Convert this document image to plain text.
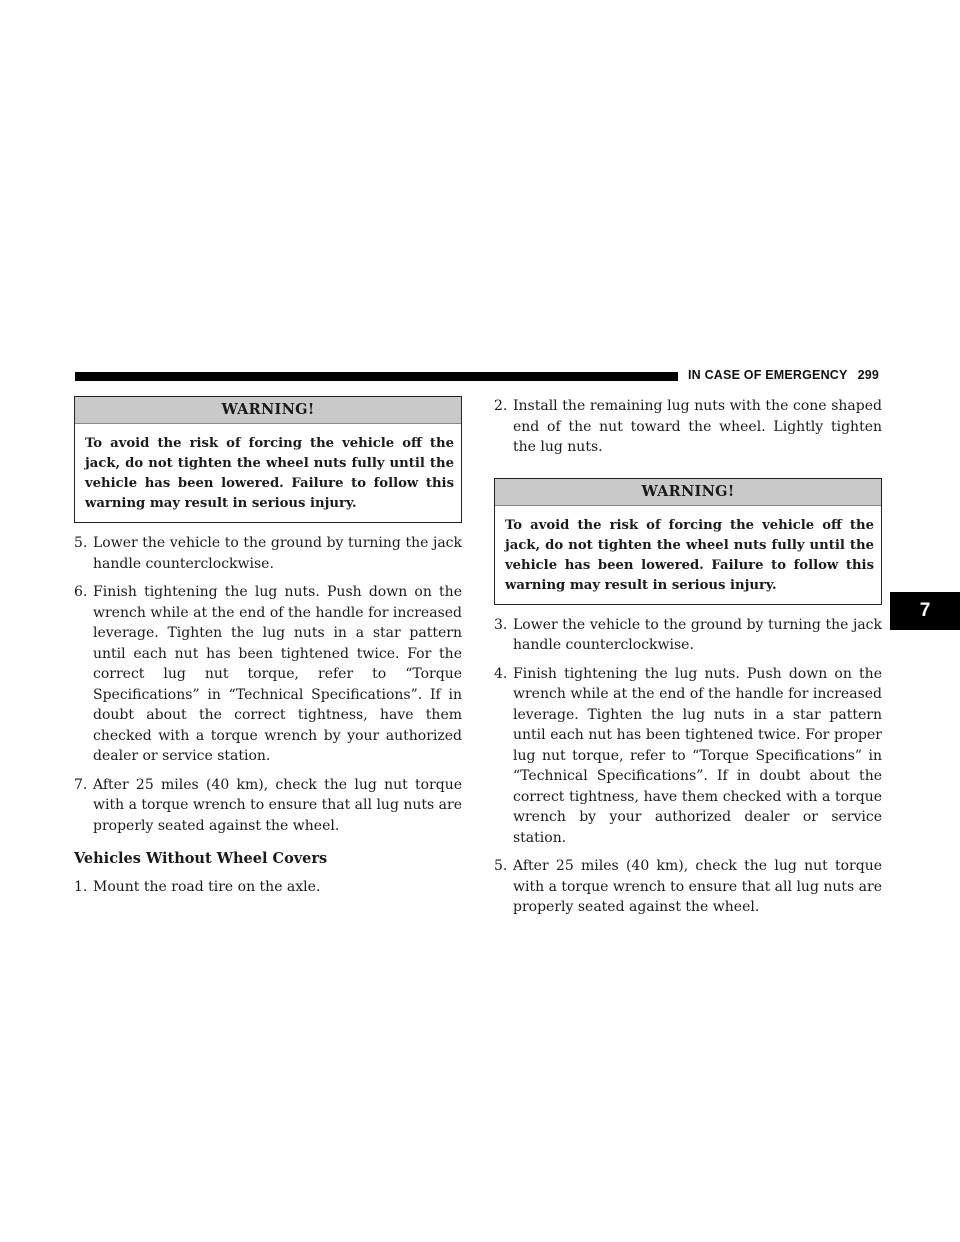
IN CASE OF EMERGENCY 299
7
WARNING!
To avoid the risk of forcing the vehicle off the jack, do not tighten the wheel nuts fully until the vehicle has been lowered. Failure to follow this warning may result in serious injury.

5. Lower the vehicle to the ground by turning the jack handle counterclockwise.

6. Finish tightening the lug nuts. Push down on the wrench while at the end of the handle for increased leverage. Tighten the lug nuts in a star pattern until each nut has been tightened twice. For the correct lug nut torque, refer to “Torque Specifications” in “Technical Specifications”. If in doubt about the correct tightness, have them checked with a torque wrench by your authorized dealer or service station.

7. After 25 miles (40 km), check the lug nut torque with a torque wrench to ensure that all lug nuts are properly seated against the wheel.

Vehicles Without Wheel Covers

1. Mount the road tire on the axle.

2. Install the remaining lug nuts with the cone shaped end of the nut toward the wheel. Lightly tighten the lug nuts.

WARNING!
To avoid the risk of forcing the vehicle off the jack, do not tighten the wheel nuts fully until the vehicle has been lowered. Failure to follow this warning may result in serious injury.

3. Lower the vehicle to the ground by turning the jack handle counterclockwise.

4. Finish tightening the lug nuts. Push down on the wrench while at the end of the handle for increased leverage. Tighten the lug nuts in a star pattern until each nut has been tightened twice. For proper lug nut torque, refer to “Torque Specifications” in “Technical Specifications”. If in doubt about the correct tightness, have them checked with a torque wrench by your authorized dealer or service station.

5. After 25 miles (40 km), check the lug nut torque with a torque wrench to ensure that all lug nuts are properly seated against the wheel.
